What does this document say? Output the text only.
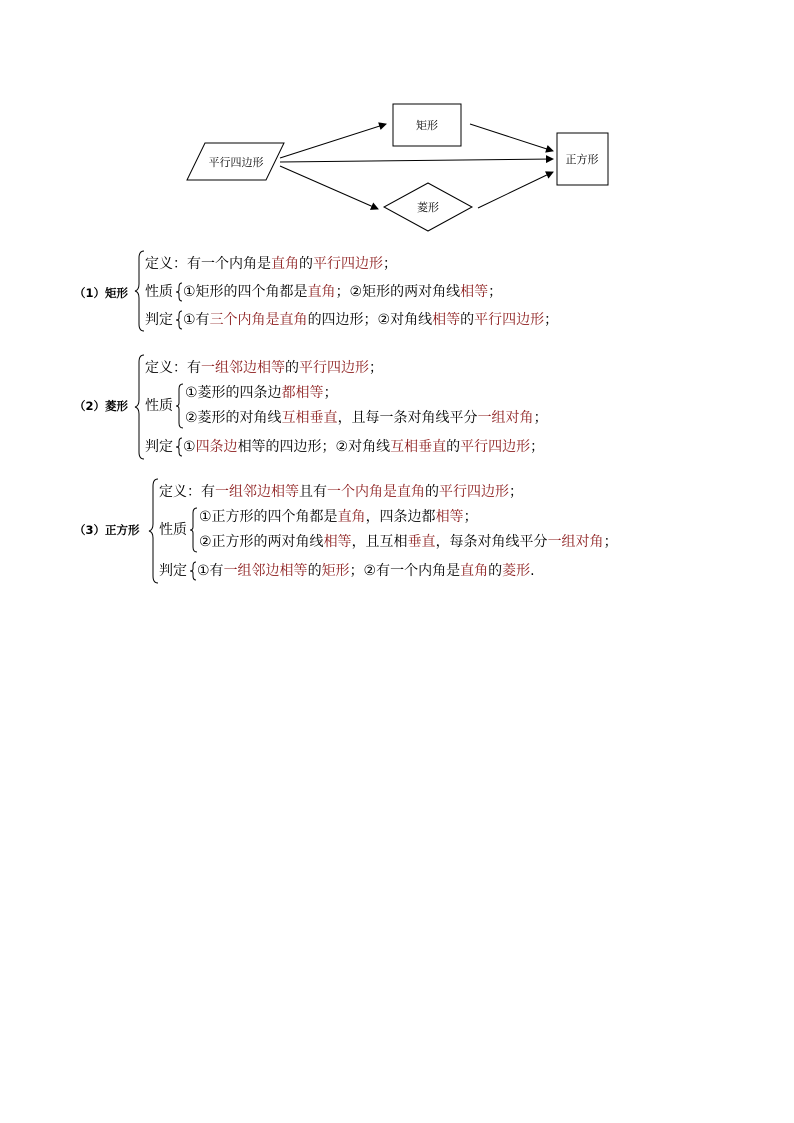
平行四边形
矩形
菱形
正方形
（1）矩形
定义：有一个内角是直角的平行四边形；
性质 ①矩形的四个角都是直角；②矩形的两对角线相等；
判定 ①有三个内角是直角的四边形；②对角线相等的平行四边形；
（2）菱形
定义：有一组邻边相等的平行四边形；
性质
①菱形的四条边都相等；
②菱形的对角线互相垂直，且每一条对角线平分一组对角；
判定 ①四条边相等的四边形；②对角线互相垂直的平行四边形；
（3）正方形
定义：有一组邻边相等且有一个内角是直角的平行四边形；
性质
①正方形的四个角都是直角，四条边都相等；
②正方形的两对角线相等，且互相垂直，每条对角线平分一组对角；
判定 ①有一组邻边相等的矩形；②有一个内角是直角的菱形.
